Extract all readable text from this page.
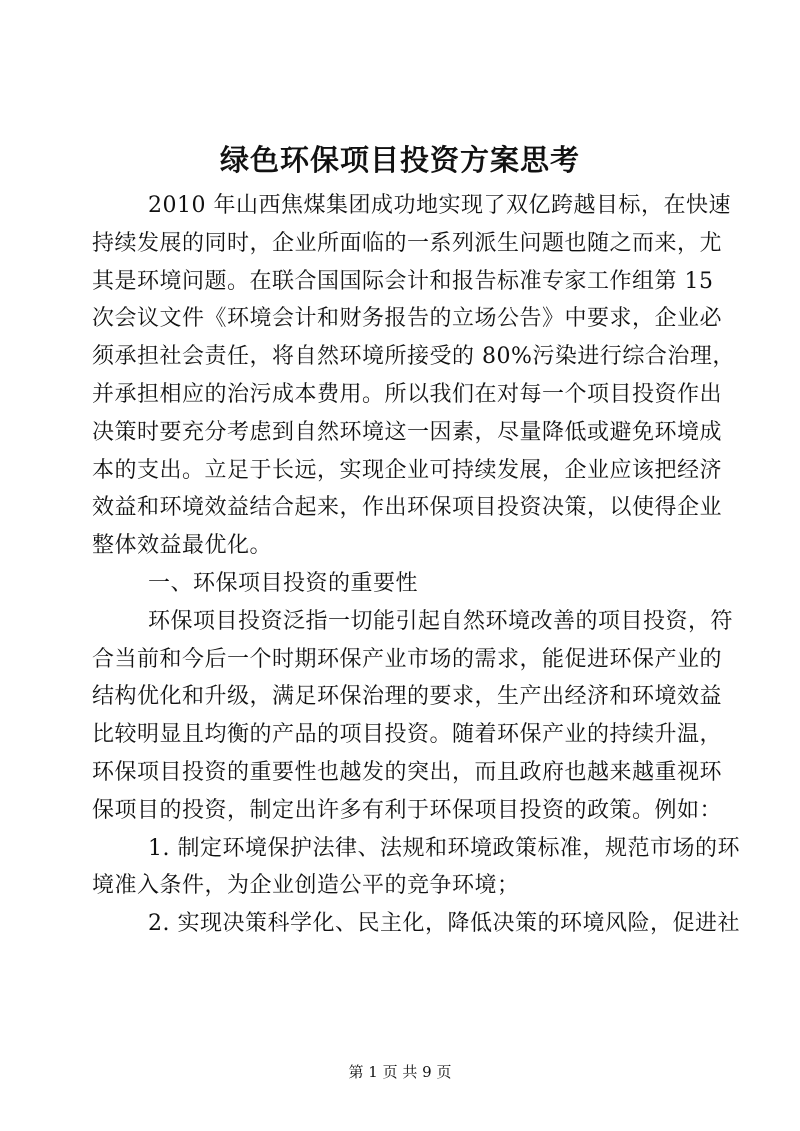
绿色环保项目投资方案思考

2010 年山西焦煤集团成功地实现了双亿跨越目标，在快速

持续发展的同时，企业所面临的一系列派生问题也随之而来，尤

其是环境问题。在联合国国际会计和报告标准专家工作组第 15

次会议文件《环境会计和财务报告的立场公告》中要求，企业必

须承担社会责任，将自然环境所接受的 80%污染进行综合治理，

并承担相应的治污成本费用。所以我们在对每一个项目投资作出

决策时要充分考虑到自然环境这一因素，尽量降低或避免环境成

本的支出。立足于长远，实现企业可持续发展，企业应该把经济

效益和环境效益结合起来，作出环保项目投资决策，以使得企业

整体效益最优化。

一、环保项目投资的重要性

环保项目投资泛指一切能引起自然环境改善的项目投资，符

合当前和今后一个时期环保产业市场的需求，能促进环保产业的

结构优化和升级，满足环保治理的要求，生产出经济和环境效益

比较明显且均衡的产品的项目投资。随着环保产业的持续升温，

环保项目投资的重要性也越发的突出，而且政府也越来越重视环

保项目的投资，制定出许多有利于环保项目投资的政策。例如：

1. 制定环境保护法律、法规和环境政策标准，规范市场的环

境准入条件，为企业创造公平的竞争环境；

2. 实现决策科学化、民主化，降低决策的环境风险，促进社

第 1 页 共 9 页
